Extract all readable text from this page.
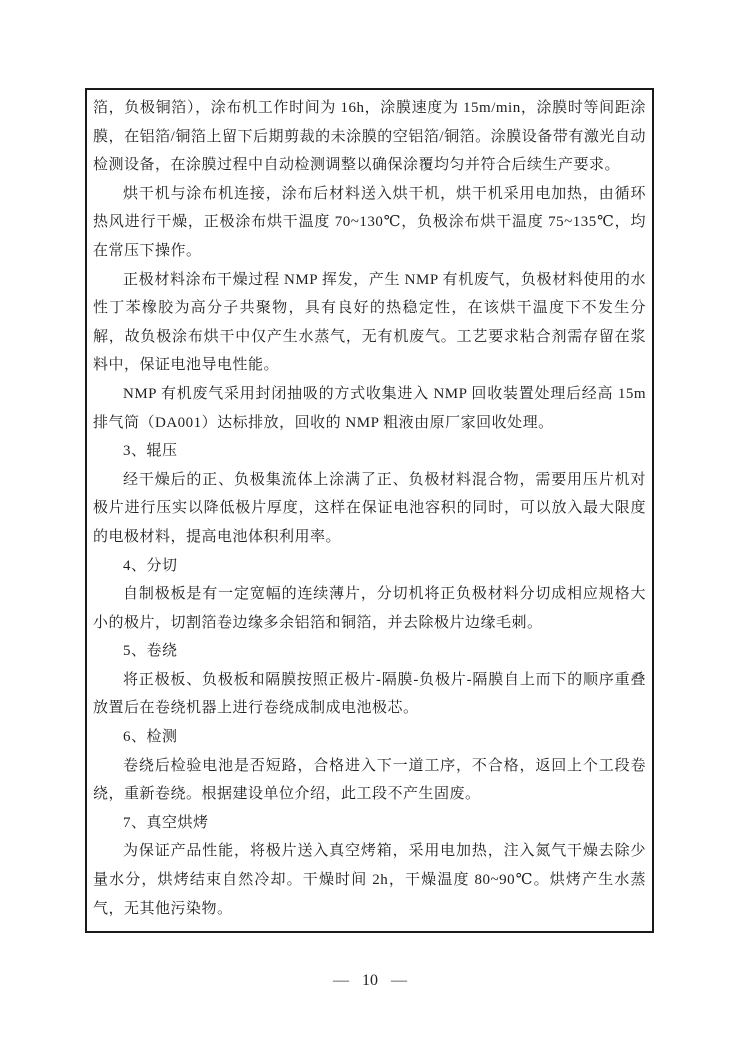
箔，负极铜箔），涂布机工作时间为 16h，涂膜速度为 15m/min，涂膜时等间距涂膜，在铝箔/铜箔上留下后期剪裁的未涂膜的空铝箔/铜箔。涂膜设备带有激光自动检测设备，在涂膜过程中自动检测调整以确保涂覆均匀并符合后续生产要求。

烘干机与涂布机连接，涂布后材料送入烘干机，烘干机采用电加热，由循环热风进行干燥，正极涂布烘干温度 70~130℃，负极涂布烘干温度 75~135℃，均在常压下操作。

正极材料涂布干燥过程 NMP 挥发，产生 NMP 有机废气，负极材料使用的水性丁苯橡胶为高分子共聚物，具有良好的热稳定性，在该烘干温度下不发生分解，故负极涂布烘干中仅产生水蒸气，无有机废气。工艺要求粘合剂需存留在浆料中，保证电池导电性能。

NMP 有机废气采用封闭抽吸的方式收集进入 NMP 回收装置处理后经高 15m 排气筒（DA001）达标排放，回收的 NMP 粗液由原厂家回收处理。

3、辊压

经干燥后的正、负极集流体上涂满了正、负极材料混合物，需要用压片机对极片进行压实以降低极片厚度，这样在保证电池容积的同时，可以放入最大限度的电极材料，提高电池体积利用率。

4、分切

自制极板是有一定宽幅的连续薄片，分切机将正负极材料分切成相应规格大小的极片，切割箔卷边缘多余铝箔和铜箔，并去除极片边缘毛刺。

5、卷绕

将正极板、负极板和隔膜按照正极片-隔膜-负极片-隔膜自上而下的顺序重叠放置后在卷绕机器上进行卷绕成制成电池极芯。

6、检测

卷绕后检验电池是否短路，合格进入下一道工序，不合格，返回上个工段卷绕，重新卷绕。根据建设单位介绍，此工段不产生固废。

7、真空烘烤

为保证产品性能，将极片送入真空烤箱，采用电加热，注入氮气干燥去除少量水分，烘烤结束自然冷却。干燥时间 2h，干燥温度 80~90℃。烘烤产生水蒸气，无其他污染物。

— 10 —
